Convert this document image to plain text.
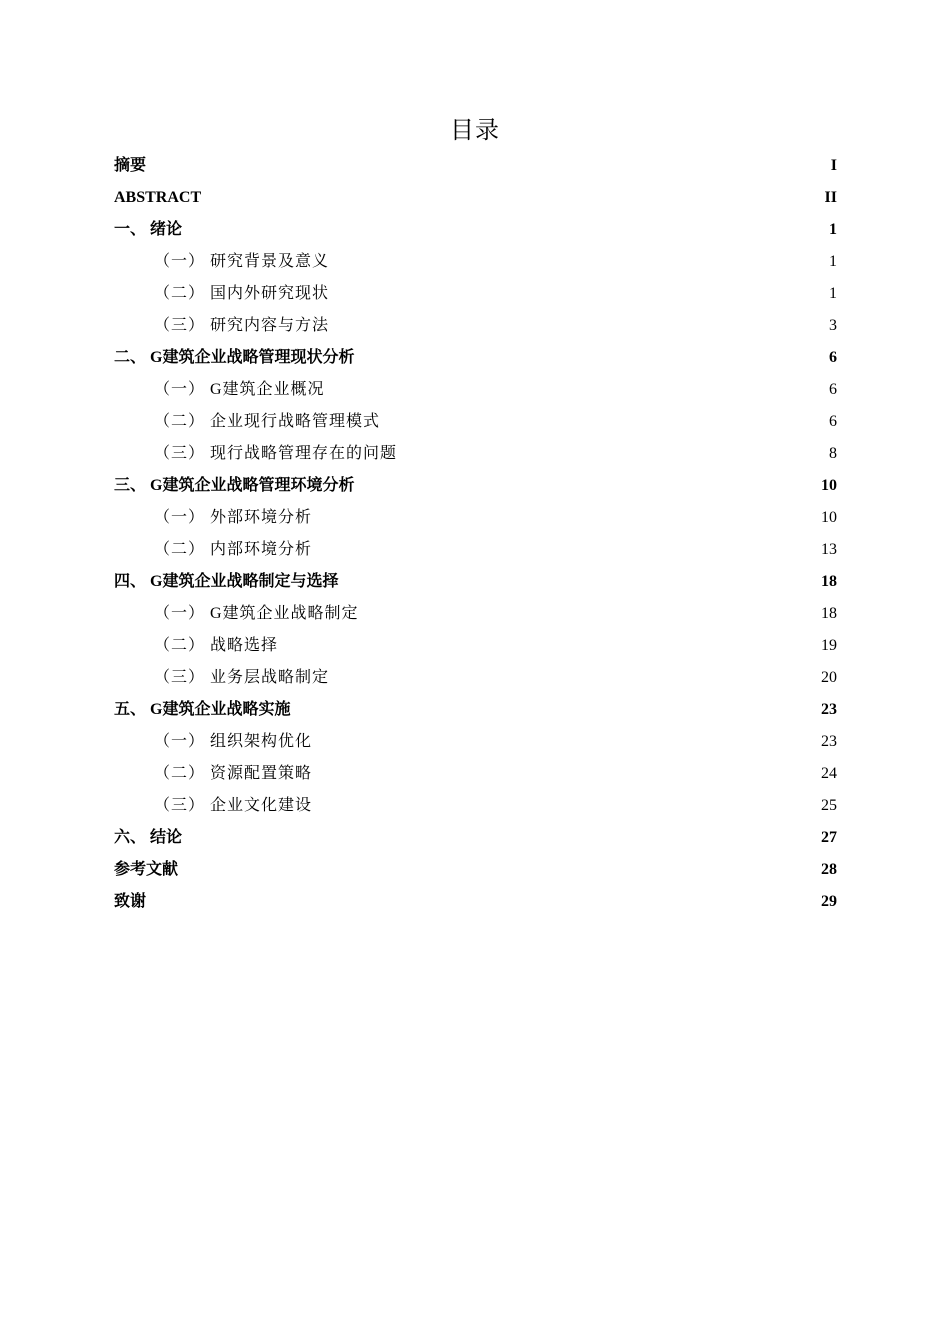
目录
摘要	I
ABSTRACT	II
一、 绪论	1
（一） 研究背景及意义	1
（二） 国内外研究现状	1
（三） 研究内容与方法	3
二、 G建筑企业战略管理现状分析	6
（一） G建筑企业概况	6
（二） 企业现行战略管理模式	6
（三） 现行战略管理存在的问题	8
三、 G建筑企业战略管理环境分析	10
（一） 外部环境分析	10
（二） 内部环境分析	13
四、 G建筑企业战略制定与选择	18
（一） G建筑企业战略制定	18
（二） 战略选择	19
（三） 业务层战略制定	20
五、 G建筑企业战略实施	23
（一） 组织架构优化	23
（二） 资源配置策略	24
（三） 企业文化建设	25
六、 结论	27
参考文献	28
致谢	29
